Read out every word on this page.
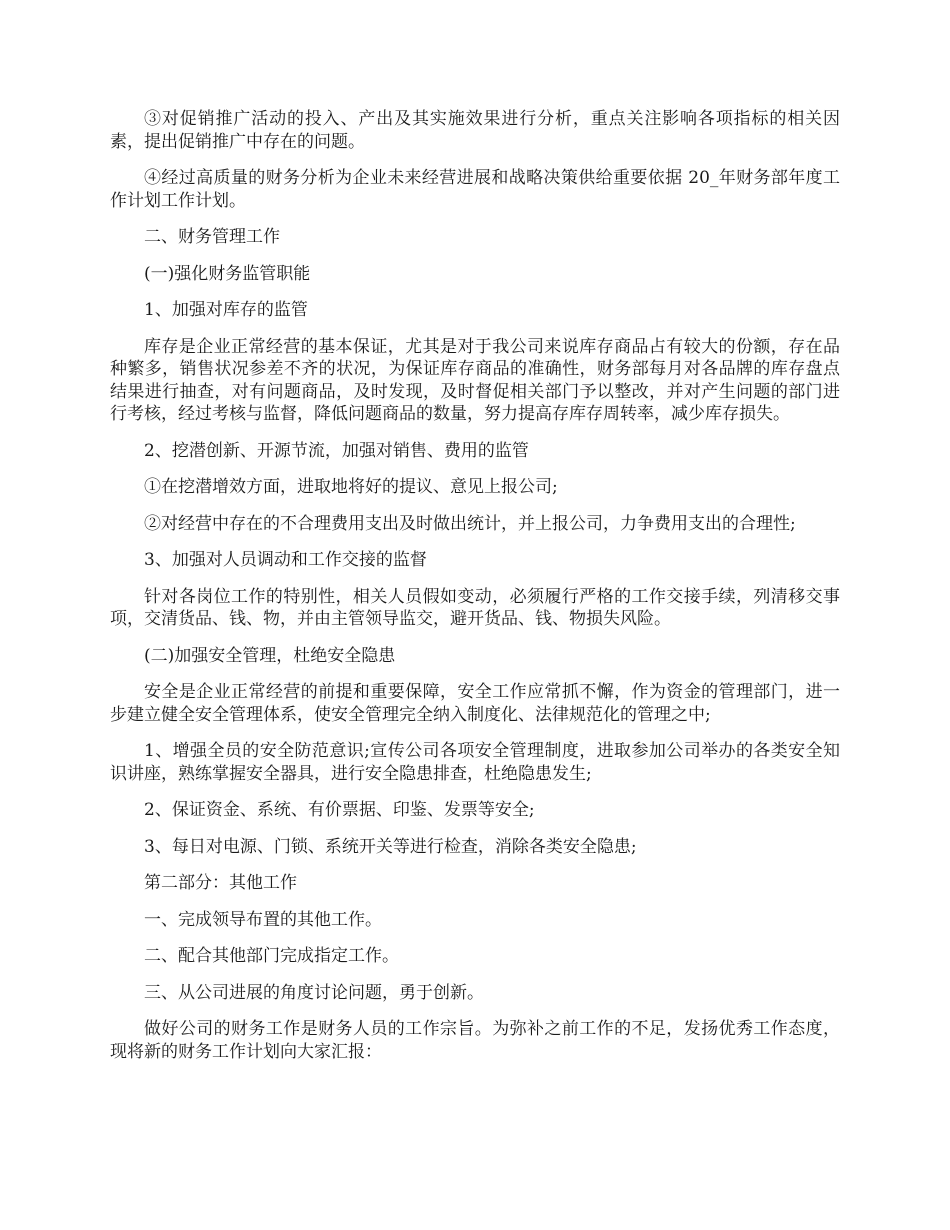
③对促销推广活动的投入、产出及其实施效果进行分析，重点关注影响各项指标的相关因素，提出促销推广中存在的问题。

④经过高质量的财务分析为企业未来经营进展和战略决策供给重要依据 20_年财务部年度工作计划工作计划。

二、财务管理工作

(一)强化财务监管职能

1、加强对库存的监管

库存是企业正常经营的基本保证，尤其是对于我公司来说库存商品占有较大的份额，存在品种繁多，销售状况参差不齐的状况，为保证库存商品的准确性，财务部每月对各品牌的库存盘点结果进行抽查，对有问题商品，及时发现，及时督促相关部门予以整改，并对产生问题的部门进行考核，经过考核与监督，降低问题商品的数量，努力提高存库存周转率，减少库存损失。

2、挖潜创新、开源节流，加强对销售、费用的监管

①在挖潜增效方面，进取地将好的提议、意见上报公司;

②对经营中存在的不合理费用支出及时做出统计，并上报公司，力争费用支出的合理性;

3、加强对人员调动和工作交接的监督

针对各岗位工作的特别性，相关人员假如变动，必须履行严格的工作交接手续，列清移交事项，交清货品、钱、物，并由主管领导监交，避开货品、钱、物损失风险。

(二)加强安全管理，杜绝安全隐患

安全是企业正常经营的前提和重要保障，安全工作应常抓不懈，作为资金的管理部门，进一步建立健全安全管理体系，使安全管理完全纳入制度化、法律规范化的管理之中;

1、增强全员的安全防范意识;宣传公司各项安全管理制度，进取参加公司举办的各类安全知识讲座，熟练掌握安全器具，进行安全隐患排查，杜绝隐患发生;

2、保证资金、系统、有价票据、印鉴、发票等安全;

3、每日对电源、门锁、系统开关等进行检查，消除各类安全隐患;

第二部分：其他工作

一、完成领导布置的其他工作。

二、配合其他部门完成指定工作。

三、从公司进展的角度讨论问题，勇于创新。

做好公司的财务工作是财务人员的工作宗旨。为弥补之前工作的不足，发扬优秀工作态度，现将新的财务工作计划向大家汇报：
